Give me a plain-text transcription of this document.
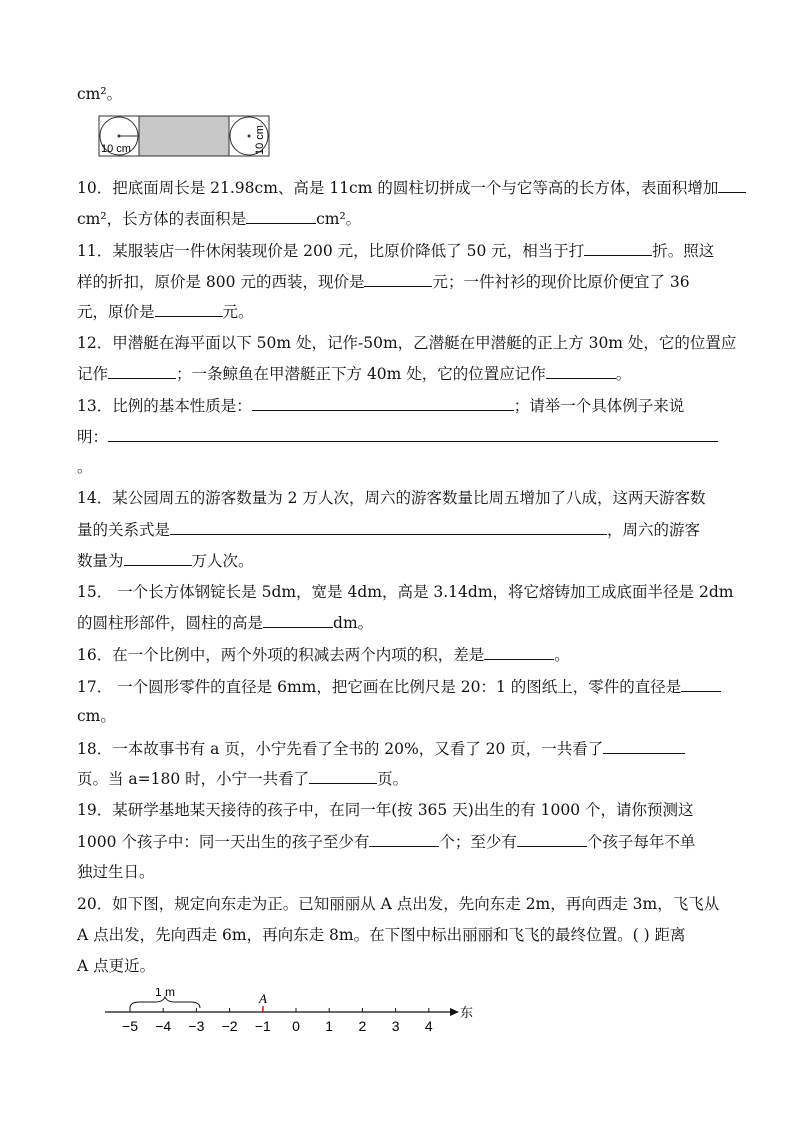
cm²。
10 cm	10 cm
10．把底面周长是 21.98cm、高是 11cm 的圆柱切拼成一个与它等高的长方体，表面积增加
cm²，长方体的表面积是	cm²。
11．某服装店一件休闲装现价是 200 元，比原价降低了 50 元，相当于打	折。照这
样的折扣，原价是 800 元的西装，现价是	元；一件衬衫的现价比原价便宜了 36
元，原价是	元。
12．甲潜艇在海平面以下 50m 处，记作-50m，乙潜艇在甲潜艇的正上方 30m 处，它的位置应
记作	；一条鲸鱼在甲潜艇正下方 40m 处，它的位置应记作	。
13．比例的基本性质是：	；请举一个具体例子来说
明：
。
14．某公园周五的游客数量为 2 万人次，周六的游客数量比周五增加了八成，这两天游客数
量的关系式是	，周六的游客
数量为	万人次。
15． 一个长方体钢锭长是 5dm，宽是 4dm，高是 3.14dm，将它熔铸加工成底面半径是 2dm
的圆柱形部件，圆柱的高是	dm。
16．在一个比例中，两个外项的积减去两个内项的积，差是	。
17． 一个圆形零件的直径是 6mm，把它画在比例尺是 20：1 的图纸上，零件的直径是
cm。
18．一本故事书有 a 页，小宁先看了全书的 20%，又看了 20 页，一共看了
页。当 a=180 时，小宁一共看了	页。
19．某研学基地某天接待的孩子中，在同一年(按 365 天)出生的有 1000 个，请你预测这
1000 个孩子中：同一天出生的孩子至少有	个；至少有	个孩子每年不单
独过生日。
20．如下图，规定向东走为正。已知丽丽从 A 点出发，先向东走 2m，再向西走 3m，飞飞从
A 点出发，先向西走 6m，再向东走 8m。在下图中标出丽丽和飞飞的最终位置。( ) 距离
A 点更近。
1 m
−5 −4 −3 −2 −1 0 1 2 3 4
A
东
